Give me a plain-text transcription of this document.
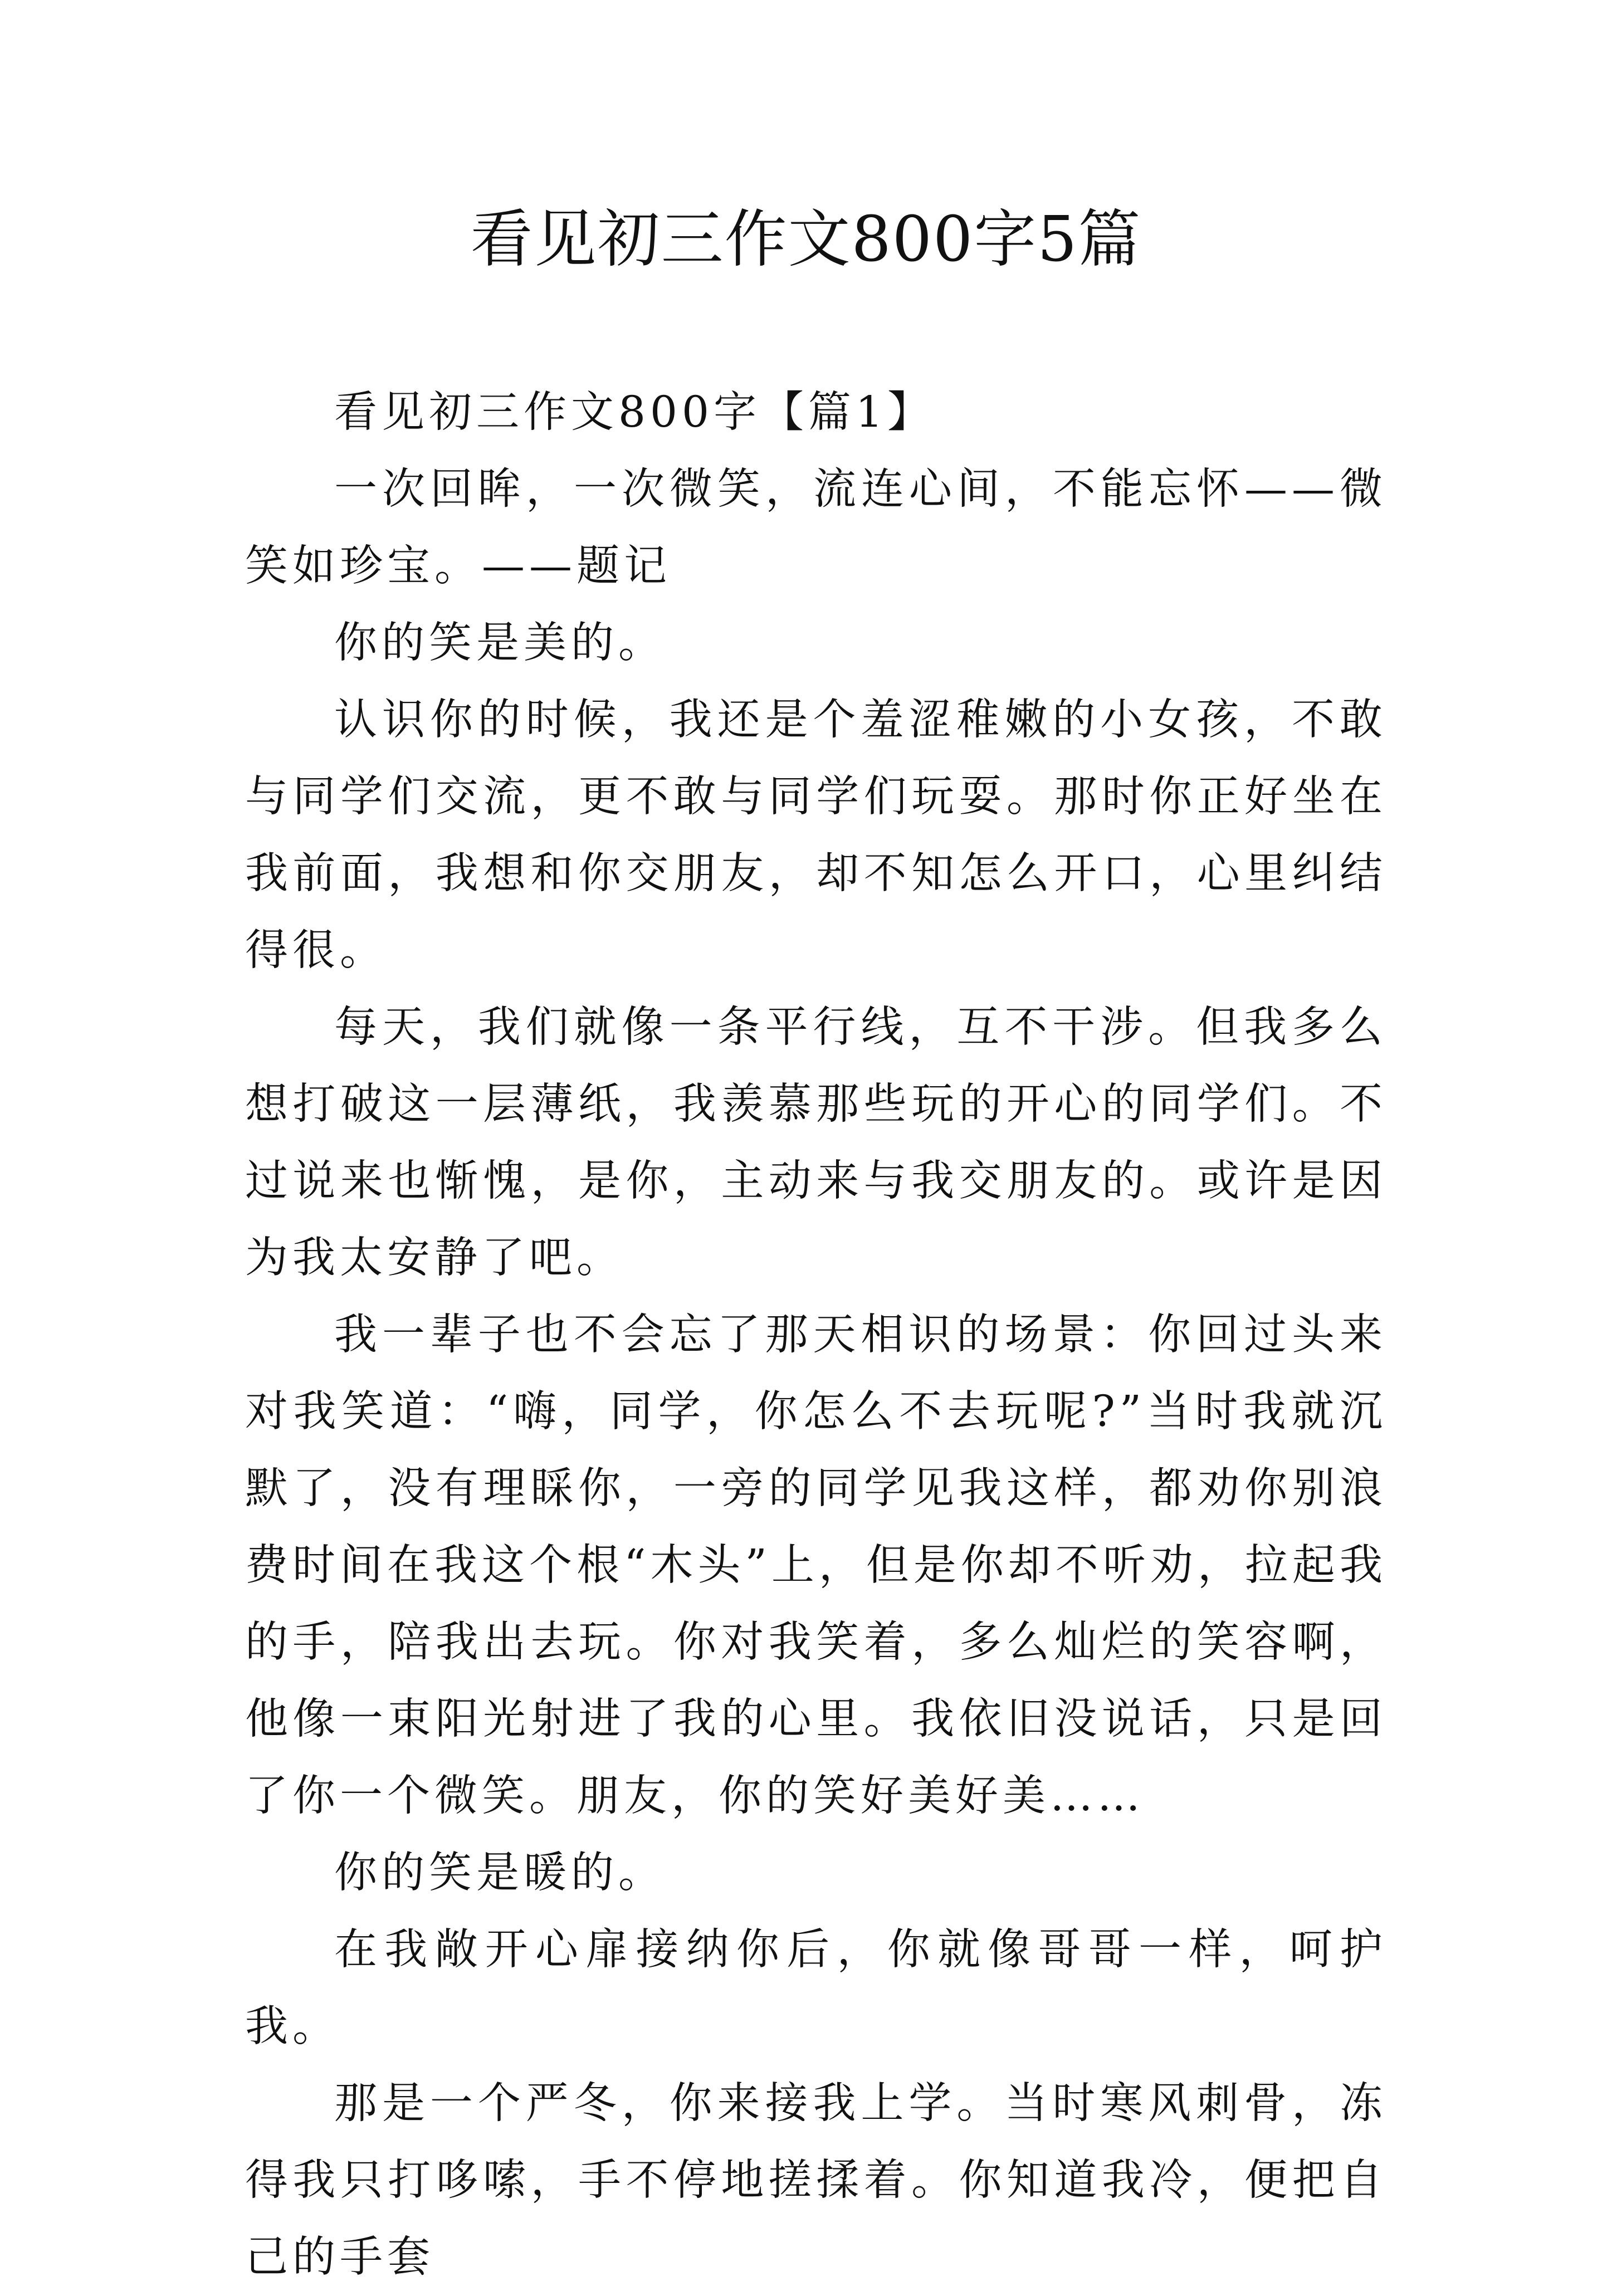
看见初三作文800字5篇

看见初三作文800字【篇1】

一次回眸，一次微笑，流连心间，不能忘怀——微笑如珍宝。——题记

你的笑是美的。

认识你的时候，我还是个羞涩稚嫩的小女孩，不敢与同学们交流，更不敢与同学们玩耍。那时你正好坐在我前面，我想和你交朋友，却不知怎么开口，心里纠结得很。

每天，我们就像一条平行线，互不干涉。但我多么想打破这一层薄纸，我羡慕那些玩的开心的同学们。不过说来也惭愧，是你，主动来与我交朋友的。或许是因为我太安静了吧。

我一辈子也不会忘了那天相识的场景：你回过头来对我笑道：“嗨，同学，你怎么不去玩呢?”当时我就沉默了，没有理睬你，一旁的同学见我这样，都劝你别浪费时间在我这个根“木头”上，但是你却不听劝，拉起我的手，陪我出去玩。你对我笑着，多么灿烂的笑容啊，他像一束阳光射进了我的心里。我依旧没说话，只是回了你一个微笑。朋友，你的笑好美好美……

你的笑是暖的。

在我敞开心扉接纳你后，你就像哥哥一样，呵护我。

那是一个严冬，你来接我上学。当时寒风刺骨，冻得我只打哆嗦，手不停地搓揉着。你知道我冷，便把自己的手套
